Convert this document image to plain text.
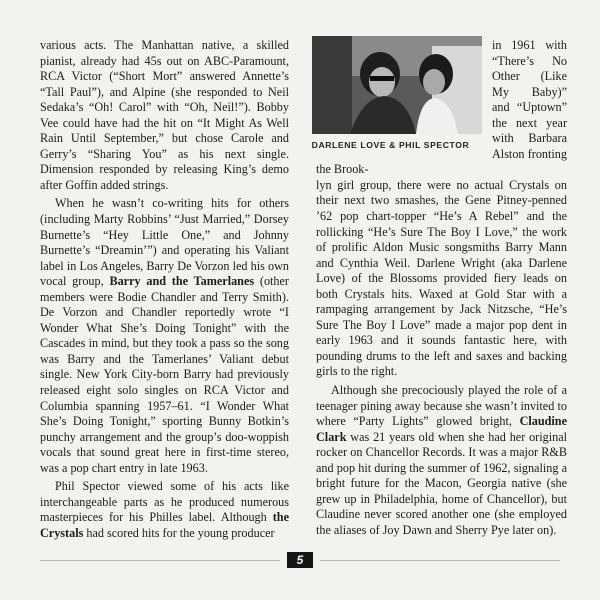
various acts. The Manhattan native, a skilled pianist, already had 45s out on ABC-Paramount, RCA Victor (“Short Mort” answered Annette’s “Tall Paul”), and Alpine (she responded to Neil Sedaka’s “Oh! Carol” with “Oh, Neil!”). Bobby Vee could have had the hit on “It Might As Well Rain Until September,” but chose Carole and Gerry’s “Sharing You” as his next single. Dimension responded by releasing King’s demo after Goffin added strings.

When he wasn’t co-writing hits for others (including Marty Robbins’ “Just Married,” Dorsey Burnette’s “Hey Little One,” and Johnny Burnette’s “Dreamin’”) and operating his Valiant label in Los Angeles, Barry De Vorzon led his own vocal group, Barry and the Tamerlanes (other members were Bodie Chandler and Terry Smith). De Vorzon and Chandler reportedly wrote “I Wonder What She’s Doing Tonight” with the Cascades in mind, but they took a pass so the song was Barry and the Tamerlanes’ Valiant debut single. New York City-born Barry had previously released eight solo singles on RCA Victor and Columbia spanning 1957–61. “I Wonder What She’s Doing Tonight,” sporting Bunny Botkin’s punchy arrangement and the group’s doo-woppish vocals that sound great here in first-time stereo, was a pop chart entry in late 1963.

Phil Spector viewed some of his acts like interchangeable parts as he produced numerous masterpieces for his Philles label. Although the Crystals had scored hits for the young producer

DARLENE LOVE & PHIL SPECTOR

in 1961 with “There’s No Other (Like My Baby)” and “Uptown” the next year with Barbara Alston fronting the Brook-

lyn girl group, there were no actual Crystals on their next two smashes, the Gene Pitney-penned ’62 pop chart-topper “He’s A Rebel” and the rollicking “He’s Sure The Boy I Love,” the work of prolific Aldon Music songsmiths Barry Mann and Cynthia Weil. Darlene Wright (aka Darlene Love) of the Blossoms provided fiery leads on both Crystals hits. Waxed at Gold Star with a rampaging arrangement by Jack Nitzsche, “He’s Sure The Boy I Love” made a major pop dent in early 1963 and it sounds fantastic here, with pounding drums to the left and saxes and backing girls to the right.

Although she precociously played the role of a teenager pining away because she wasn’t invited to where “Party Lights” glowed bright, Claudine Clark was 21 years old when she had her original rocker on Chancellor Records. It was a major R&B and pop hit during the summer of 1962, signaling a bright future for the Macon, Georgia native (she grew up in Philadelphia, home of Chancellor), but Claudine never scored another one (she employed the aliases of Joy Dawn and Sherry Pye later on).

5
